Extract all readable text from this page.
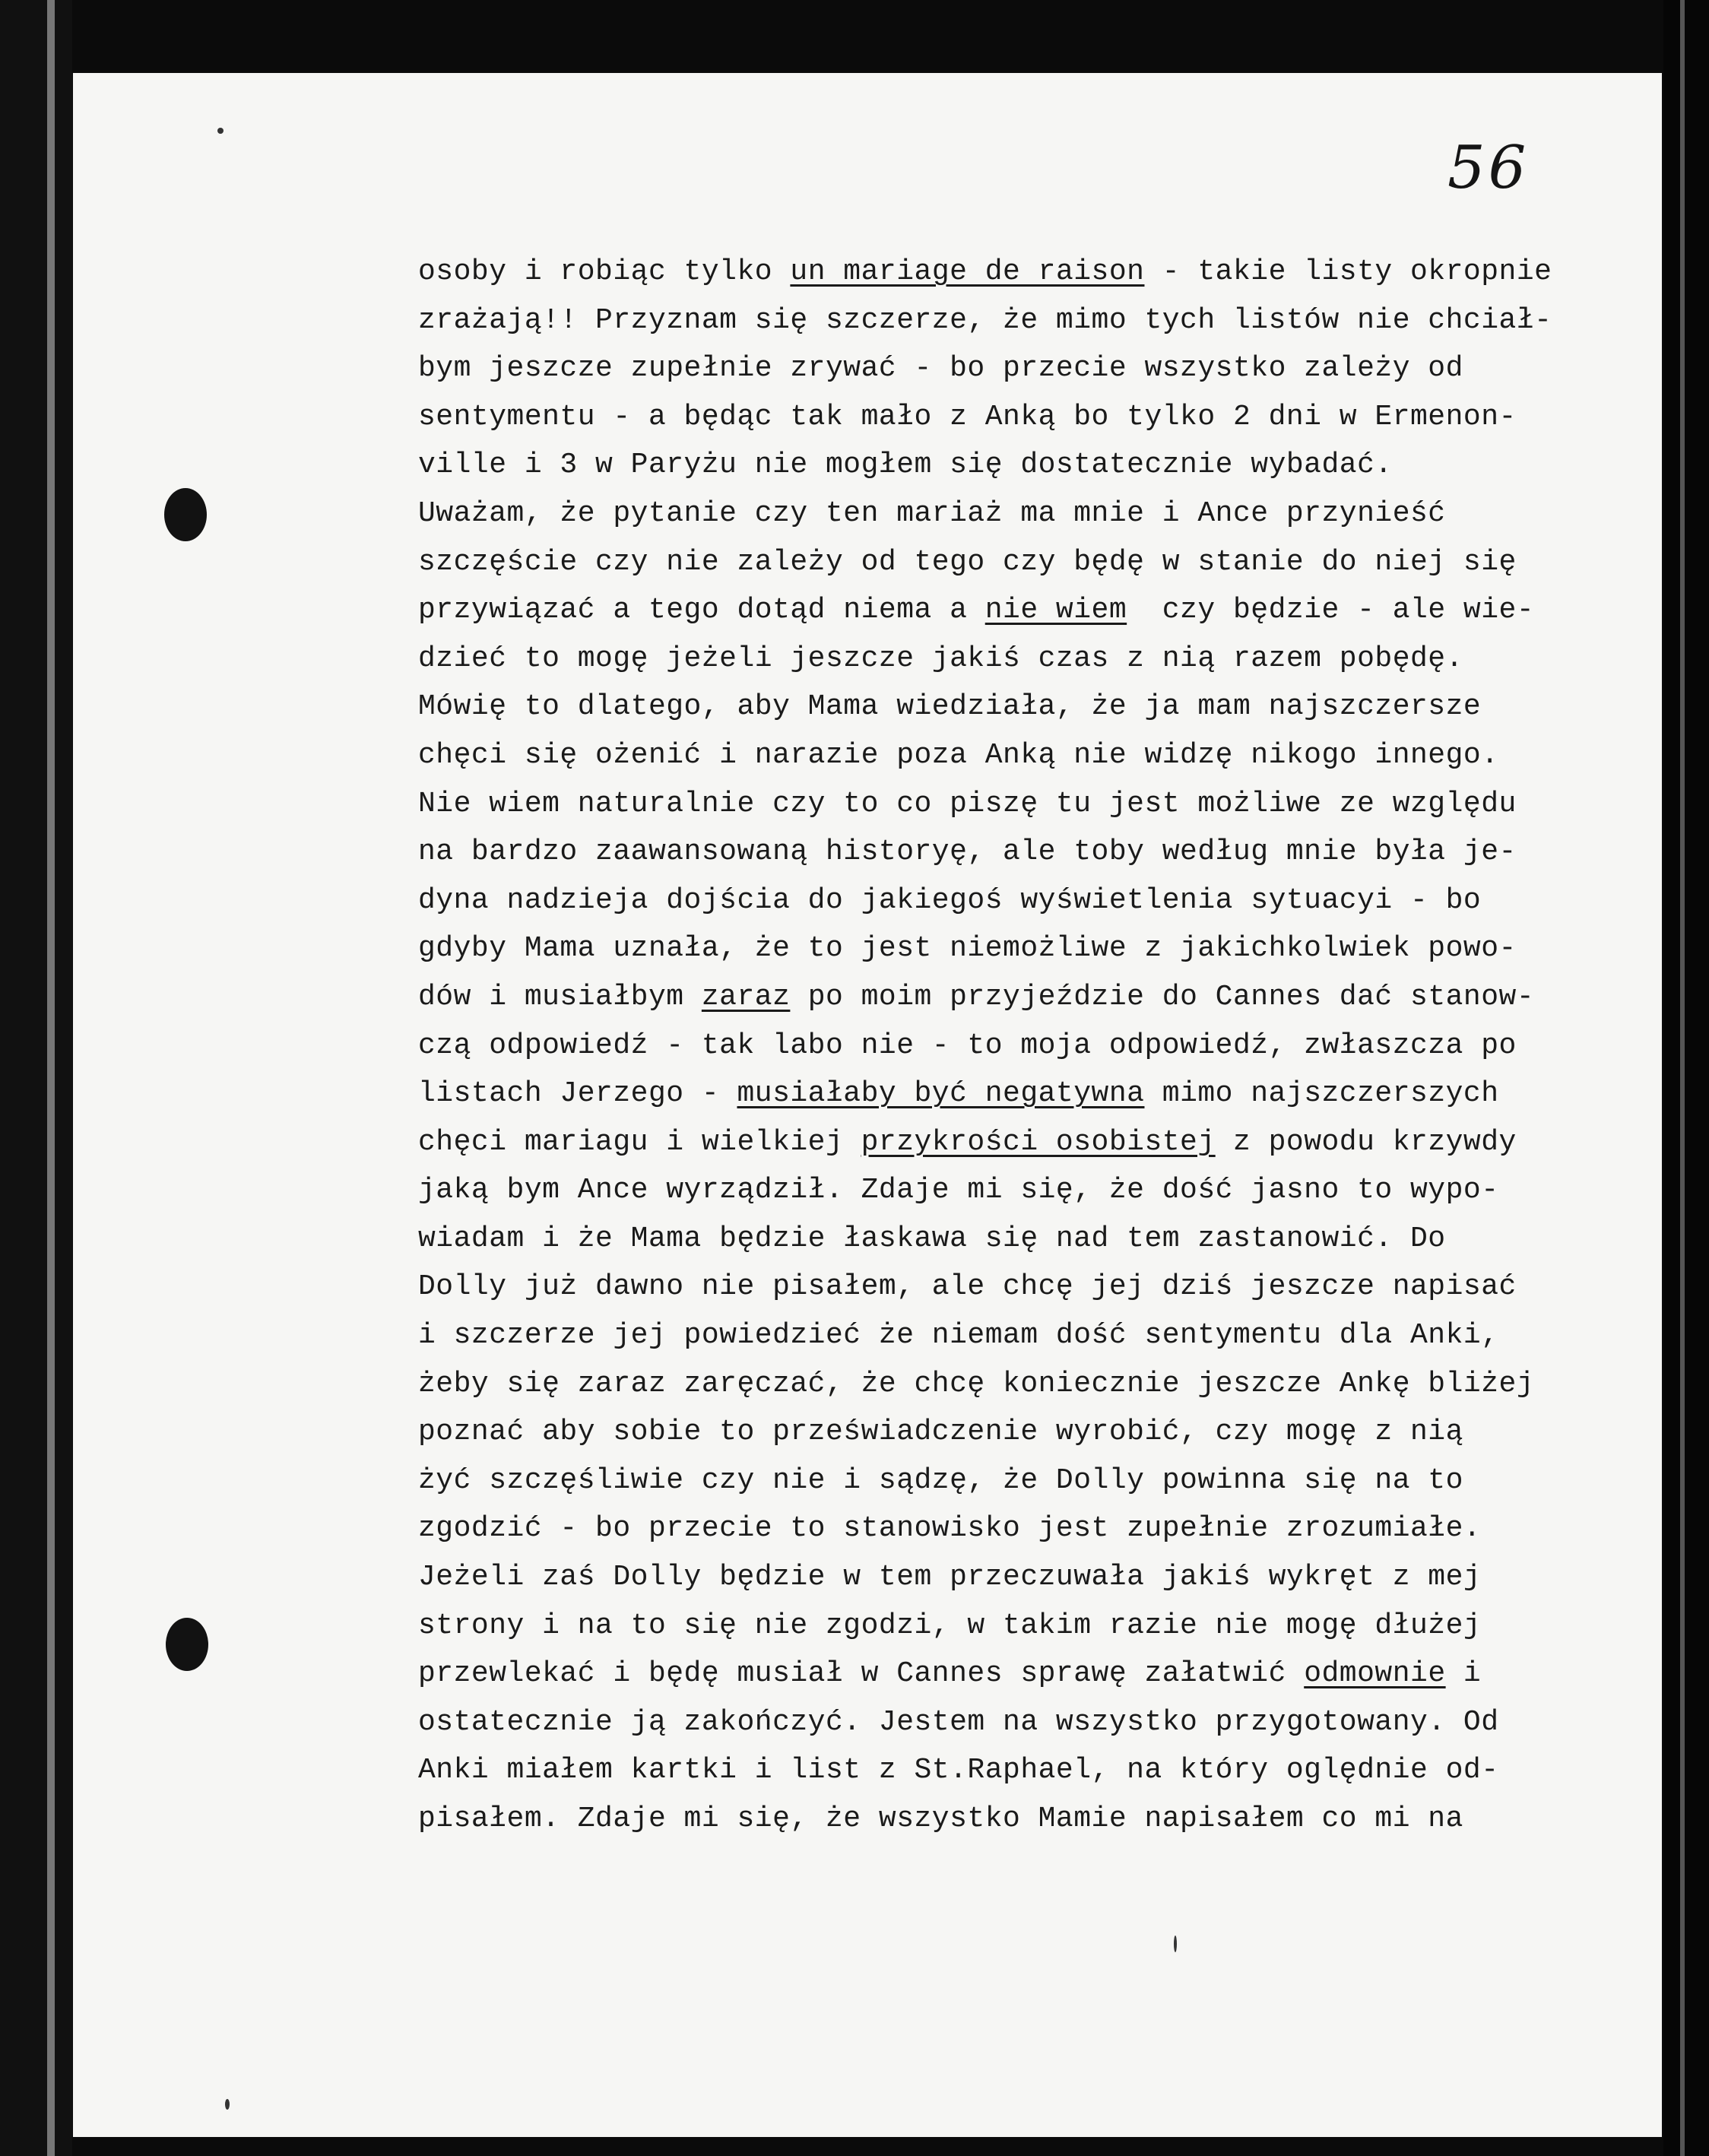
56
osoby i robiąc tylko un mariage de raison - takie listy okropnie
zrażają!! Przyznam się szczerze, że mimo tych listów nie chciał-
bym jeszcze zupełnie zrywać - bo przecie wszystko zależy od
sentymentu - a będąc tak mało z Anką bo tylko 2 dni w Ermenon-
ville i 3 w Paryżu nie mogłem się dostatecznie wybadać.
Uważam, że pytanie czy ten mariaż ma mnie i Ance przynieść
szczęście czy nie zależy od tego czy będę w stanie do niej się
przywiązać a tego dotąd niema a nie wiem  czy będzie - ale wie-
dzieć to mogę jeżeli jeszcze jakiś czas z nią razem pobędę.
Mówię to dlatego, aby Mama wiedziała, że ja mam najszczersze
chęci się ożenić i narazie poza Anką nie widzę nikogo innego.
Nie wiem naturalnie czy to co piszę tu jest możliwe ze względu
na bardzo zaawansowaną historyę, ale toby według mnie była je-
dyna nadzieja dojścia do jakiegoś wyświetlenia sytuacyi - bo
gdyby Mama uznała, że to jest niemożliwe z jakichkolwiek powo-
dów i musiałbym zaraz po moim przyjeździe do Cannes dać stanow-
czą odpowiedź - tak labo nie - to moja odpowiedź, zwłaszcza po
listach Jerzego - musiałaby być negatywna mimo najszczerszych
chęci mariagu i wielkiej przykrości osobistej z powodu krzywdy
jaką bym Ance wyrządził. Zdaje mi się, że dość jasno to wypo-
wiadam i że Mama będzie łaskawa się nad tem zastanowić. Do
Dolly już dawno nie pisałem, ale chcę jej dziś jeszcze napisać
i szczerze jej powiedzieć że niemam dość sentymentu dla Anki,
żeby się zaraz zaręczać, że chcę koniecznie jeszcze Ankę bliżej
poznać aby sobie to przeświadczenie wyrobić, czy mogę z nią
żyć szczęśliwie czy nie i sądzę, że Dolly powinna się na to
zgodzić - bo przecie to stanowisko jest zupełnie zrozumiałe.
Jeżeli zaś Dolly będzie w tem przeczuwała jakiś wykręt z mej
strony i na to się nie zgodzi, w takim razie nie mogę dłużej
przewlekać i będę musiał w Cannes sprawę załatwić odmownie i
ostatecznie ją zakończyć. Jestem na wszystko przygotowany. Od
Anki miałem kartki i list z St.Raphael, na który oględnie od-
pisałem. Zdaje mi się, że wszystko Mamie napisałem co mi na
